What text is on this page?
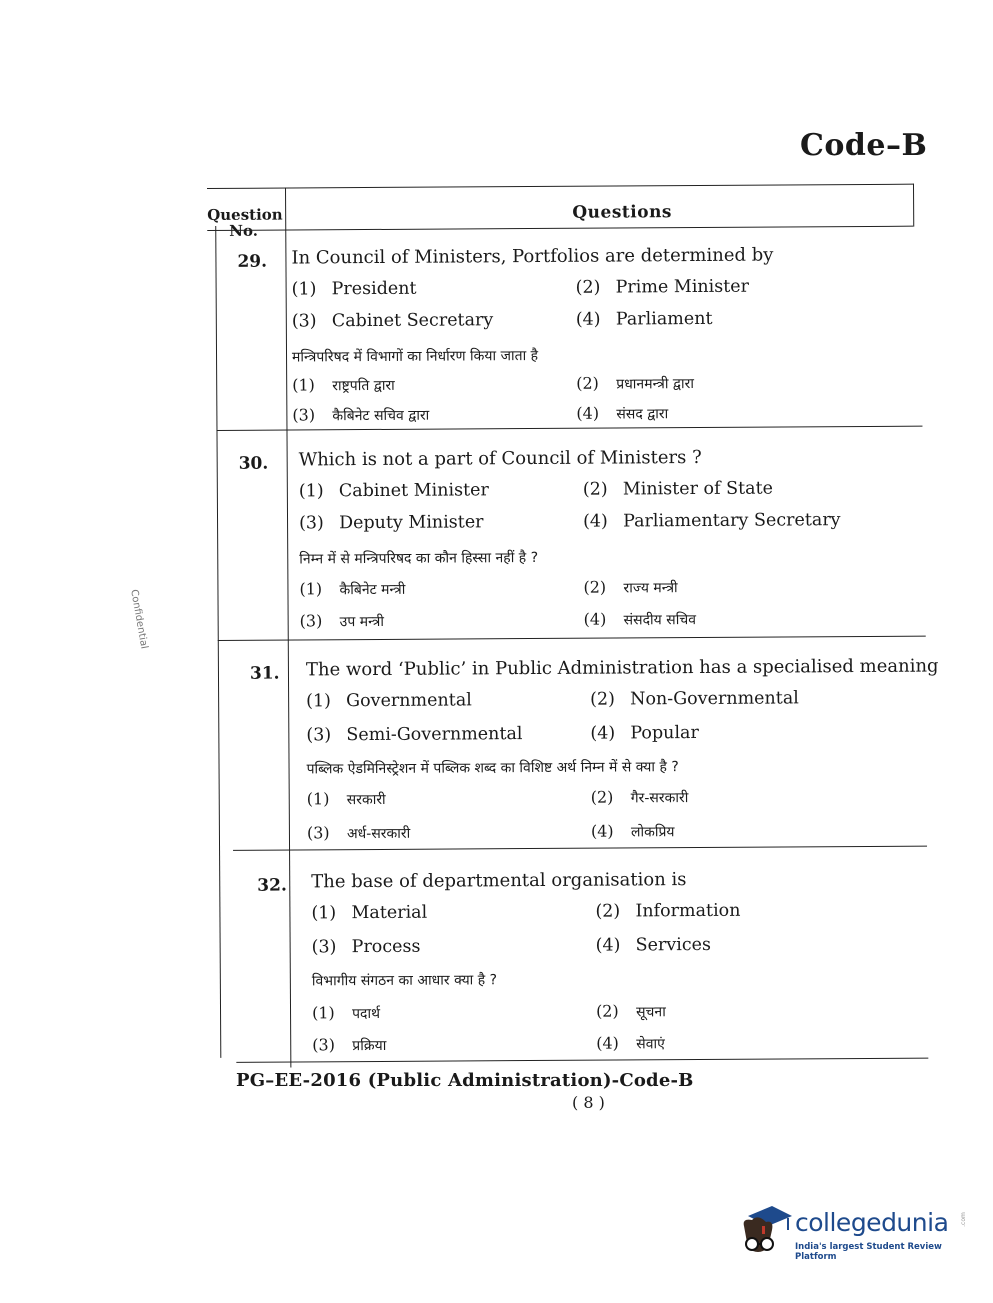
Code–B
Confidential
Question
No.
Questions
29.	In Council of Ministers, Portfolios are determined by
(1) President	(2) Prime Minister
(3) Cabinet Secretary	(4) Parliament
मन्त्रिपरिषद में विभागों का निर्धारण किया जाता है
(1) राष्ट्रपति द्वारा	(2) प्रधानमन्त्री द्वारा
(3) कैबिनेट सचिव द्वारा	(4) संसद द्वारा
30.	Which is not a part of Council of Ministers ?
(1) Cabinet Minister	(2) Minister of State
(3) Deputy Minister	(4) Parliamentary Secretary
निम्न में से मन्त्रिपरिषद का कौन हिस्सा नहीं है ?
(1) कैबिनेट मन्त्री	(2) राज्य मन्त्री
(3) उप मन्त्री	(4) संसदीय सचिव
31.	The word ‘Public’ in Public Administration has a specialised meaning
(1) Governmental	(2) Non-Governmental
(3) Semi-Governmental	(4) Popular
पब्लिक ऐडमिनिस्ट्रेशन में पब्लिक शब्द का विशिष्ट अर्थ निम्न में से क्या है ?
(1) सरकारी	(2) गैर-सरकारी
(3) अर्ध-सरकारी	(4) लोकप्रिय
32.	The base of departmental organisation is
(1) Material	(2) Information
(3) Process	(4) Services
विभागीय संगठन का आधार क्या है ?
(1) पदार्थ	(2) सूचना
(3) प्रक्रिया	(4) सेवाएं
PG–EE-2016 (Public Administration)-Code-B
( 8 )
collegedunia .com
India's largest Student Review Platform
